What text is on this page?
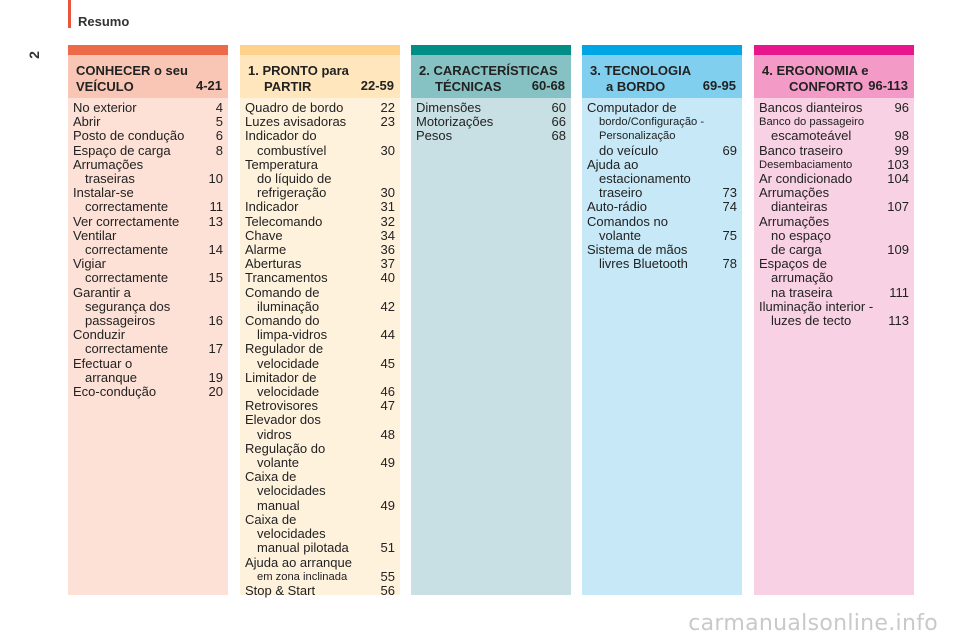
Resumo
2
CONHECER o seu
VEÍCULO	4-21
No exterior	4
Abrir	5
Posto de condução	6
Espaço de carga	8
Arrumações
traseiras	10
Instalar-se
correctamente	11
Ver correctamente	13
Ventilar
correctamente	14
Vigiar
correctamente	15
Garantir a
segurança dos
passageiros	16
Conduzir
correctamente	17
Efectuar o
arranque	19
Eco-condução	20
1. PRONTO para
PARTIR	22-59
Quadro de bordo	22
Luzes avisadoras	23
Indicador do
combustível	30
Temperatura
do líquido de
refrigeração	30
Indicador	31
Telecomando	32
Chave	34
Alarme	36
Aberturas	37
Trancamentos	40
Comando de
iluminação	42
Comando do
limpa-vidros	44
Regulador de
velocidade	45
Limitador de
velocidade	46
Retrovisores	47
Elevador dos
vidros	48
Regulação do
volante	49
Caixa de
velocidades
manual	49
Caixa de
velocidades
manual pilotada	51
Ajuda ao arranque
em zona inclinada	55
Stop & Start	56
2. CARACTERÍSTICAS
TÉCNICAS 60-68
Dimensões	60
Motorizações	66
Pesos	68
3. TECNOLOGIA
a BORDO	69-95
Computador de
bordo/Configuração -
Personalização
do veículo	69
Ajuda ao
estacionamento
traseiro	73
Auto-rádio	74
Comandos no
volante	75
Sistema de mãos
livres Bluetooth	78
4. ERGONOMIA e
CONFORTO 96-113
Bancos dianteiros	96
Banco do passageiro
escamoteável	98
Banco traseiro	99
Desembaciamento	103
Ar condicionado	104
Arrumações
dianteiras	107
Arrumações
no espaço
de carga	109
Espaços de
arrumação
na traseira	111
Iluminação interior -
luzes de tecto	113
carmanualsonline.info
